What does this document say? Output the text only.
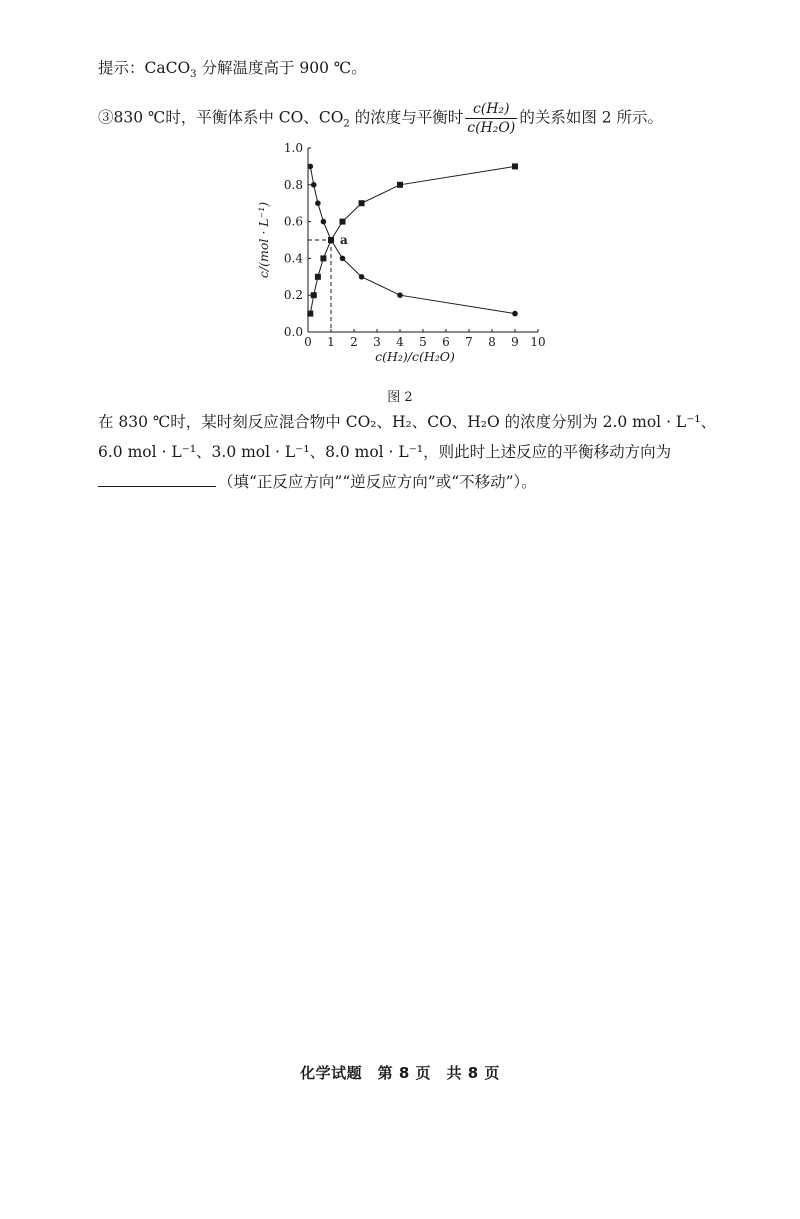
提示：CaCO$_3$ 分解温度高于 900 ℃。
③830 ℃时，平衡体系中 CO、$CO_2$ 的浓度与平衡时 $\frac{\text{c(H₂)}}{\text{c(H₂O)}}$ 的关系如图 2 所示。
0 1 2 3 4 5 6 7 8 9 10
0.0
0.2
0.4
0.6
0.8
1.0
c(H₂)/c(H₂O)
c/(mol · L⁻¹)	a
图 2
在 830 ℃时，某时刻反应混合物中 CO₂、H₂、CO、H₂O 的浓度分别为 2.0 mol · L⁻¹、
6.0 mol · L⁻¹、3.0 mol · L⁻¹、8.0 mol · L⁻¹，则此时上述反应的平衡移动方向为
（填“正反应方向”“逆反应方向”或“不移动”）。
化学试题　第 8 页　共 8 页
